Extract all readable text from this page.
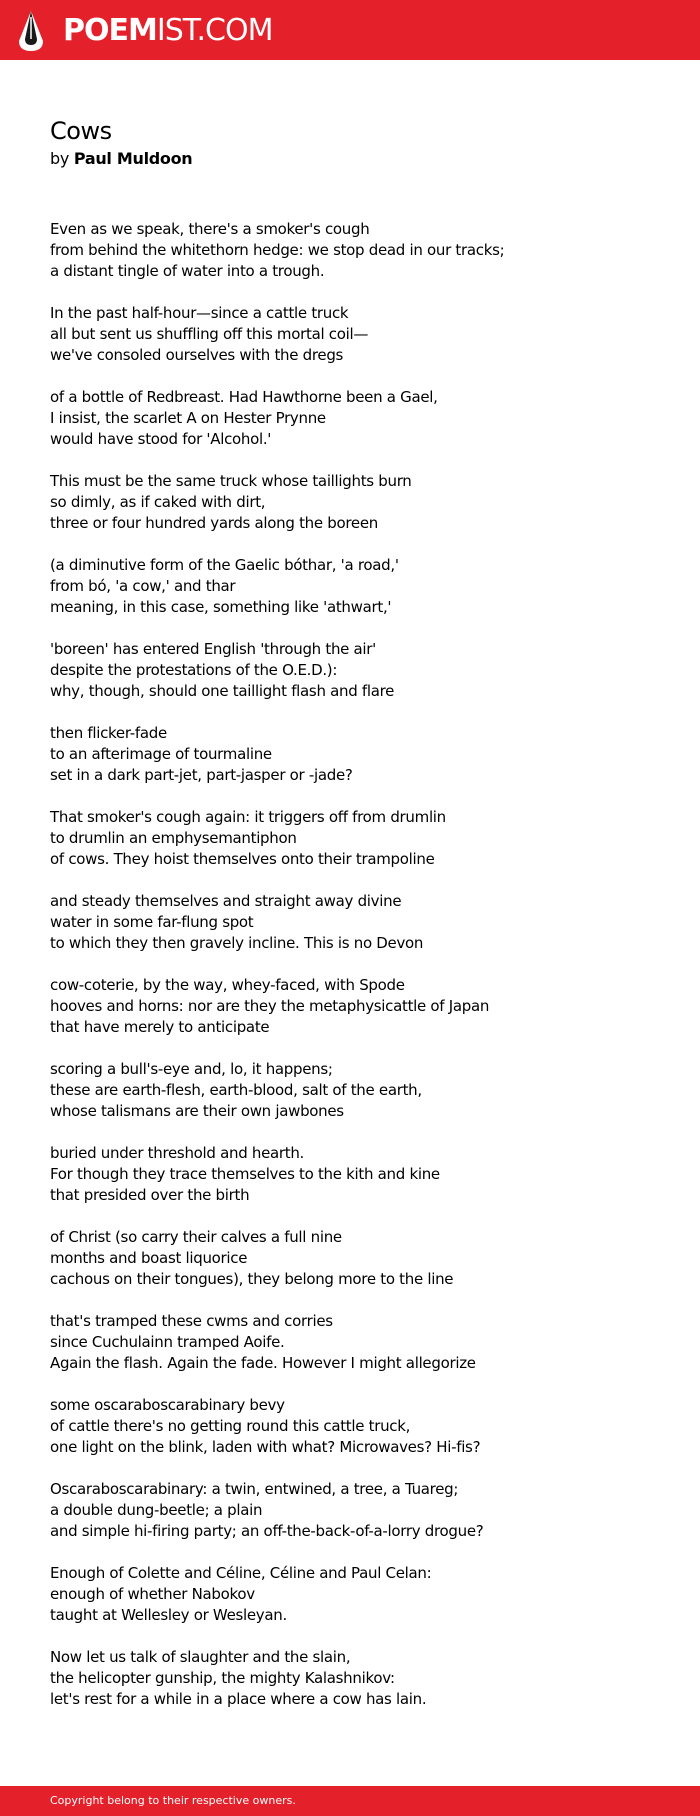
POEMIST.COM
Cows
by Paul Muldoon
Even as we speak, there's a smoker's cough
from behind the whitethorn hedge: we stop dead in our tracks;
a distant tingle of water into a trough.
In the past half-hour—since a cattle truck
all but sent us shuffling off this mortal coil—
we've consoled ourselves with the dregs
of a bottle of Redbreast. Had Hawthorne been a Gael,
I insist, the scarlet A on Hester Prynne
would have stood for 'Alcohol.'
This must be the same truck whose taillights burn
so dimly, as if caked with dirt,
three or four hundred yards along the boreen
(a diminutive form of the Gaelic bóthar, 'a road,'
from bó, 'a cow,' and thar
meaning, in this case, something like 'athwart,'
'boreen' has entered English 'through the air'
despite the protestations of the O.E.D.):
why, though, should one taillight flash and flare
then flicker-fade
to an afterimage of tourmaline
set in a dark part-jet, part-jasper or -jade?
That smoker's cough again: it triggers off from drumlin
to drumlin an emphysemantiphon
of cows. They hoist themselves onto their trampoline
and steady themselves and straight away divine
water in some far-flung spot
to which they then gravely incline. This is no Devon
cow-coterie, by the way, whey-faced, with Spode
hooves and horns: nor are they the metaphysicattle of Japan
that have merely to anticipate
scoring a bull's-eye and, lo, it happens;
these are earth-flesh, earth-blood, salt of the earth,
whose talismans are their own jawbones
buried under threshold and hearth.
For though they trace themselves to the kith and kine
that presided over the birth
of Christ (so carry their calves a full nine
months and boast liquorice
cachous on their tongues), they belong more to the line
that's tramped these cwms and corries
since Cuchulainn tramped Aoife.
Again the flash. Again the fade. However I might allegorize
some oscaraboscarabinary bevy
of cattle there's no getting round this cattle truck,
one light on the blink, laden with what? Microwaves? Hi-fis?
Oscaraboscarabinary: a twin, entwined, a tree, a Tuareg;
a double dung-beetle; a plain
and simple hi-firing party; an off-the-back-of-a-lorry drogue?
Enough of Colette and Céline, Céline and Paul Celan:
enough of whether Nabokov
taught at Wellesley or Wesleyan.
Now let us talk of slaughter and the slain,
the helicopter gunship, the mighty Kalashnikov:
let's rest for a while in a place where a cow has lain.
Copyright belong to their respective owners.
